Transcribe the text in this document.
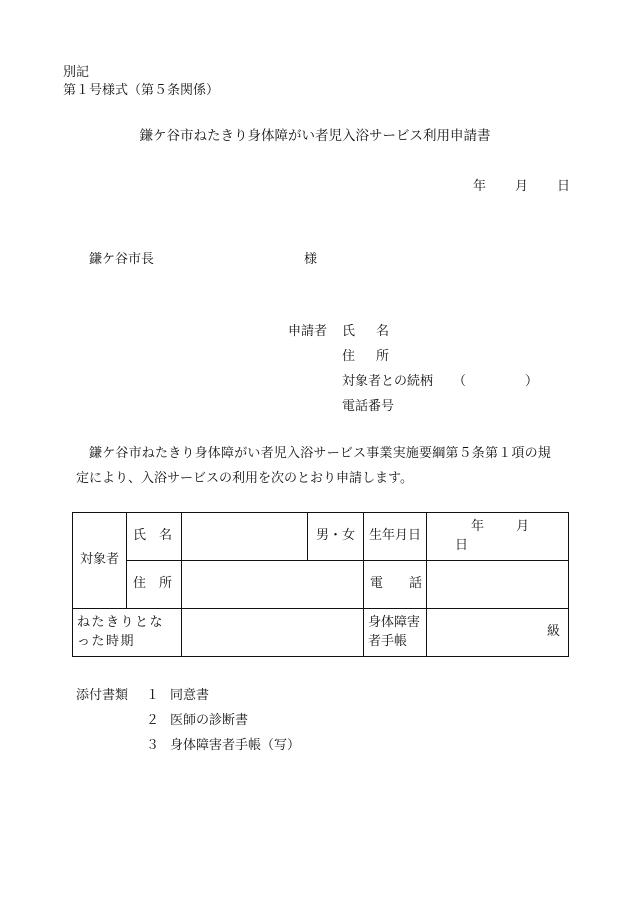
別記
第１号様式（第５条関係）
鎌ケ谷市ねたきり身体障がい者児入浴サービス利用申請書
年 月 日
鎌ケ谷市長	様
申請者 氏 名
住 所
対象者との続柄 （	）
電話番号
鎌ケ谷市ねたきり身体障がい者児入浴サービス事業実施要綱第５条第１項の規
定により、入浴サービスの利用を次のとおり申請します。
対象者	氏　名		男・女	生年月日	年 月 日
	住　所			電　　話	
ねたきりとなった時期				身体障害者手帳	級
添付書類 １ 同意書
２ 医師の診断書
３ 身体障害者手帳（写）
